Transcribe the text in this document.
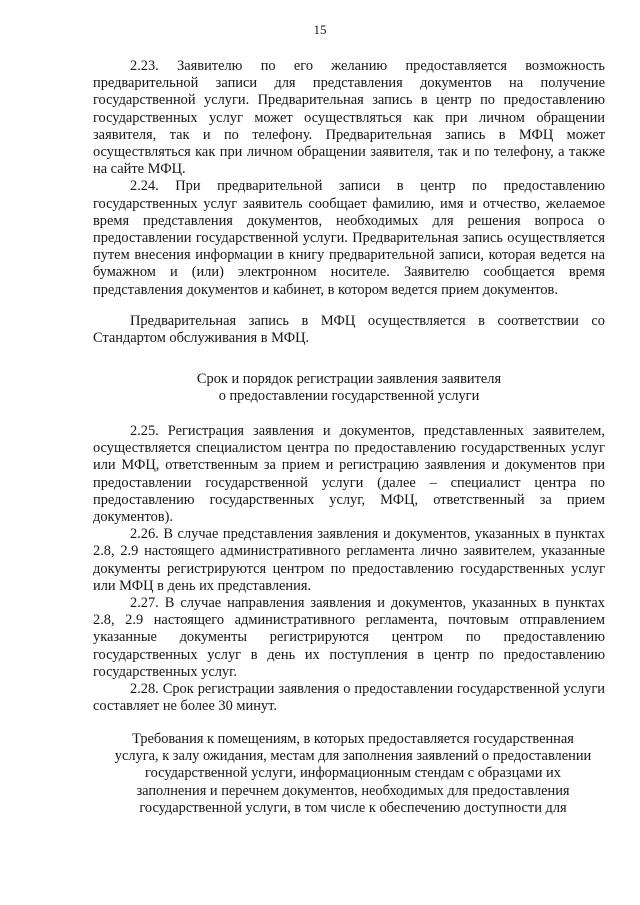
15

2.23. Заявителю по его желанию предоставляется возможность предварительной записи для представления документов на получение государственной услуги. Предварительная запись в центр по предоставлению государственных услуг может осуществляться как при личном обращении заявителя, так и по телефону. Предварительная запись в МФЦ может осуществляться как при личном обращении заявителя, так и по телефону, а также на сайте МФЦ.

2.24. При предварительной записи в центр по предоставлению государственных услуг заявитель сообщает фамилию, имя и отчество, желаемое время представления документов, необходимых для решения вопроса о предоставлении государственной услуги. Предварительная запись осуществляется путем внесения информации в книгу предварительной записи, которая ведется на бумажном и (или) электронном носителе. Заявителю сообщается время представления документов и кабинет, в котором ведется прием документов.

Предварительная запись в МФЦ осуществляется в соответствии со Стандартом обслуживания в МФЦ.

Срок и порядок регистрации заявления заявителя
о предоставлении государственной услуги

2.25. Регистрация заявления и документов, представленных заявителем, осуществляется специалистом центра по предоставлению государственных услуг или МФЦ, ответственным за прием и регистрацию заявления и документов при предоставлении государственной услуги (далее – специалист центра по предоставлению государственных услуг, МФЦ, ответственный за прием документов).

2.26. В случае представления заявления и документов, указанных в пунктах 2.8, 2.9 настоящего административного регламента лично заявителем, указанные документы регистрируются центром по предоставлению государственных услуг или МФЦ в день их представления.

2.27. В случае направления заявления и документов, указанных в пунктах 2.8, 2.9 настоящего административного регламента, почтовым отправлением указанные документы регистрируются центром по предоставлению государственных услуг в день их поступления в центр по предоставлению государственных услуг.

2.28. Срок регистрации заявления о предоставлении государственной услуги составляет не более 30 минут.

Требования к помещениям, в которых предоставляется государственная
услуга, к залу ожидания, местам для заполнения заявлений о предоставлении
государственной услуги, информационным стендам с образцами их
заполнения и перечнем документов, необходимых для предоставления
государственной услуги, в том числе к обеспечению доступности для
